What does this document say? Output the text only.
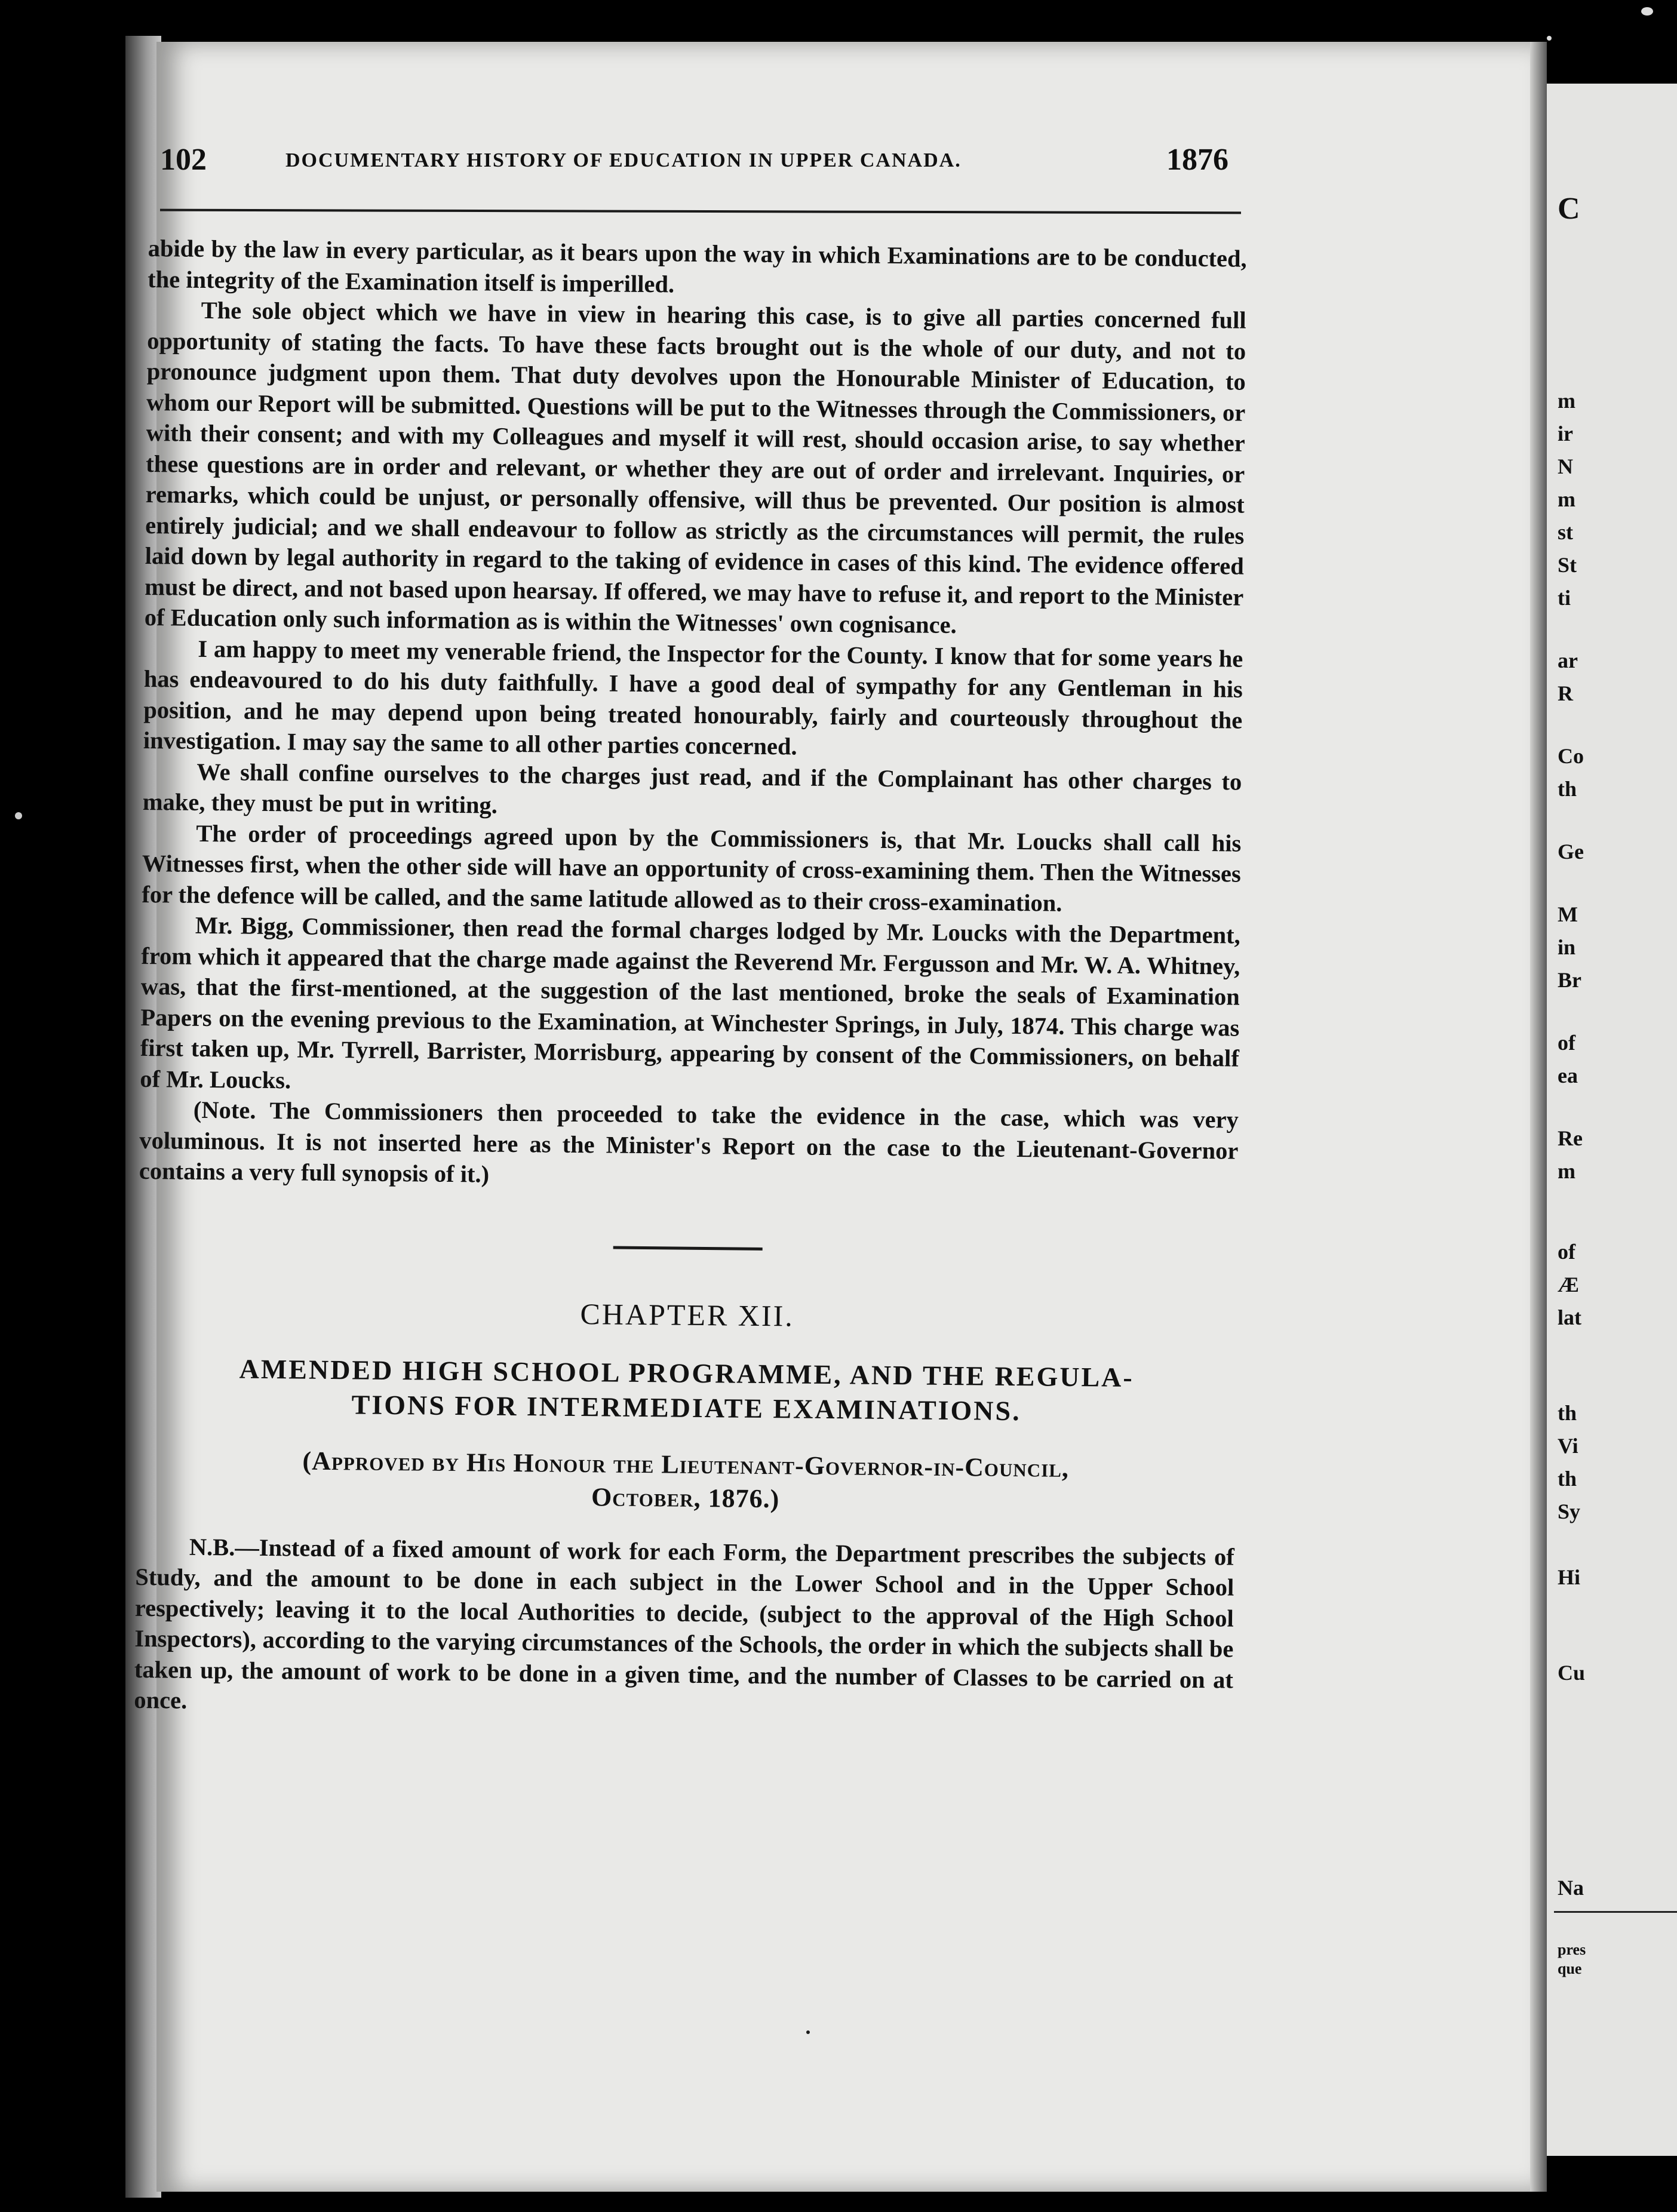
C
m
ir
N
m
st
St
ti
ar
R
Co
th
Ge
M
in
Br
of
ea
Re
m
of
Æ
lat
th
Vi
th
Sy
Hi
Cu
Na
pres
que
102	DOCUMENTARY HISTORY OF EDUCATION IN UPPER CANADA.	1876

abide by the law in every particular, as it bears upon the way in which Examinations are to be conducted, the integrity of the Examination itself is imperilled.

The sole object which we have in view in hearing this case, is to give all parties concerned full opportunity of stating the facts. To have these facts brought out is the whole of our duty, and not to pronounce judgment upon them. That duty devolves upon the Honourable Minister of Education, to whom our Report will be submitted. Questions will be put to the Witnesses through the Commissioners, or with their consent; and with my Colleagues and myself it will rest, should occasion arise, to say whether these questions are in order and relevant, or whether they are out of order and irrelevant. Inquiries, or remarks, which could be unjust, or personally offensive, will thus be prevented. Our position is almost entirely judicial; and we shall endeavour to follow as strictly as the circumstances will permit, the rules laid down by legal authority in regard to the taking of evidence in cases of this kind. The evidence offered must be direct, and not based upon hearsay. If offered, we may have to refuse it, and report to the Minister of Education only such information as is within the Witnesses' own cognisance.

I am happy to meet my venerable friend, the Inspector for the County. I know that for some years he has endeavoured to do his duty faithfully. I have a good deal of sympathy for any Gentleman in his position, and he may depend upon being treated honourably, fairly and courteously throughout the investigation. I may say the same to all other parties concerned.

We shall confine ourselves to the charges just read, and if the Complainant has other charges to make, they must be put in writing.

The order of proceedings agreed upon by the Commissioners is, that Mr. Loucks shall call his Witnesses first, when the other side will have an opportunity of cross-examining them. Then the Witnesses for the defence will be called, and the same latitude allowed as to their cross-examination.

Mr. Bigg, Commissioner, then read the formal charges lodged by Mr. Loucks with the Department, from which it appeared that the charge made against the Reverend Mr. Fergusson and Mr. W. A. Whitney, was, that the first-mentioned, at the suggestion of the last mentioned, broke the seals of Examination Papers on the evening previous to the Examination, at Winchester Springs, in July, 1874. This charge was first taken up, Mr. Tyrrell, Barrister, Morrisburg, appearing by consent of the Commissioners, on behalf of Mr. Loucks.

(Note. The Commissioners then proceeded to take the evidence in the case, which was very voluminous. It is not inserted here as the Minister's Report on the case to the Lieutenant-Governor contains a very full synopsis of it.)

CHAPTER XII.
AMENDED HIGH SCHOOL PROGRAMME, AND THE REGULA-
TIONS FOR INTERMEDIATE EXAMINATIONS.
(Approved by His Honour the Lieutenant-Governor-in-Council,
October, 1876.)

N.B.—Instead of a fixed amount of work for each Form, the Department prescribes the subjects of Study, and the amount to be done in each subject in the Lower School and in the Upper School respectively; leaving it to the local Authorities to decide, (subject to the approval of the High School Inspectors), according to the varying circumstances of the Schools, the order in which the subjects shall be taken up, the amount of work to be done in a given time, and the number of Classes to be carried on at once.
